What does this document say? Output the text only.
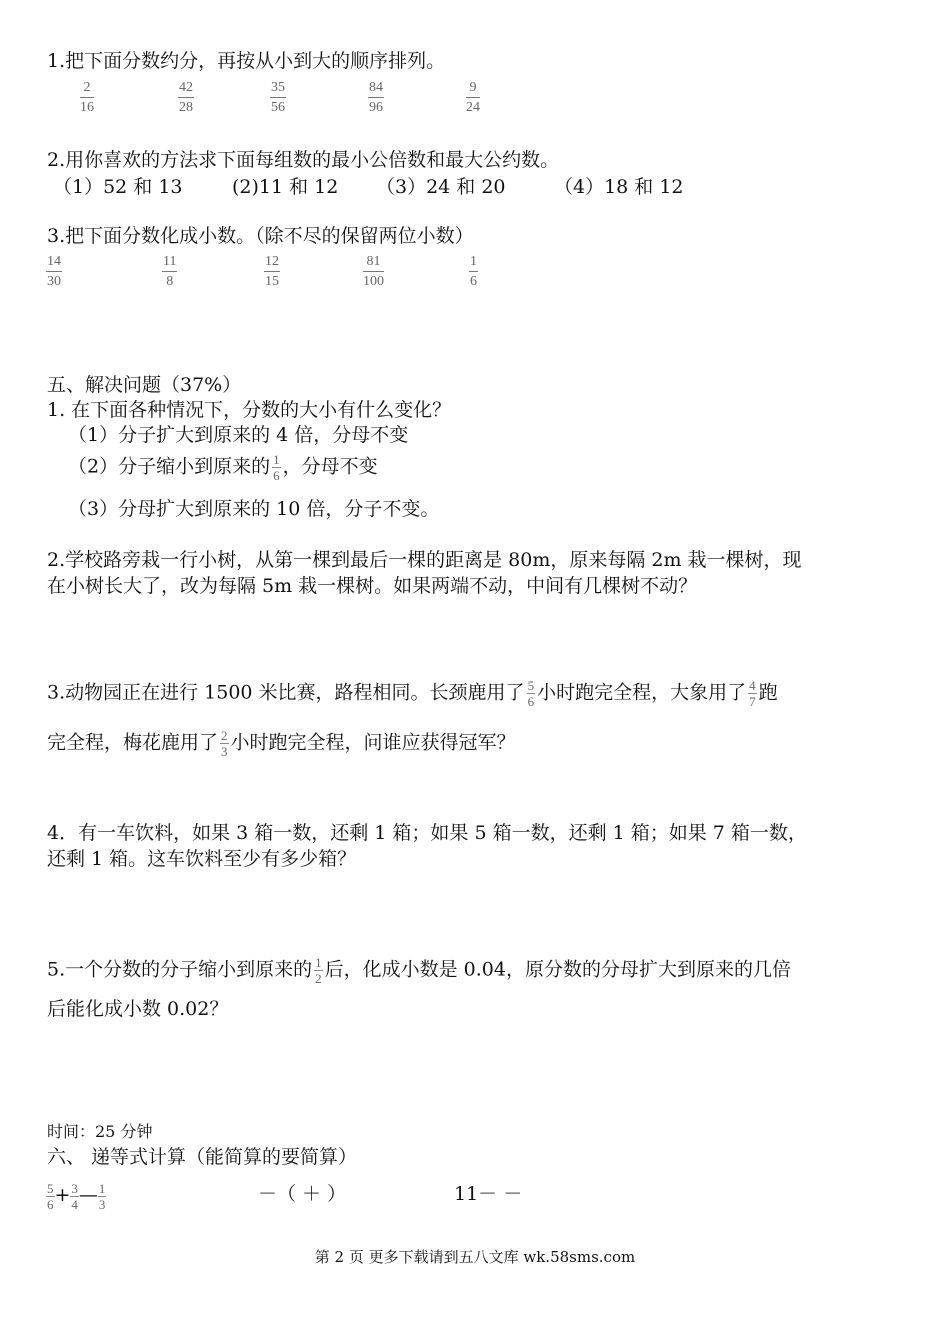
1.把下面分数约分，再按从小到大的顺序排列。
$\frac{2}{16}$	$\frac{42}{28}$	$\frac{35}{56}$	$\frac{84}{96}$	$\frac{9}{24}$
2.用你喜欢的方法求下面每组数的最小公倍数和最大公约数。
（1）52 和 13	(2)11 和 12 （3）24 和 20	（4）18 和 12
3.把下面分数化成小数。（除不尽的保留两位小数）
$\frac{14}{30}$	$\frac{11}{8}$	$\frac{12}{15}$	$\frac{81}{100}$	$\frac{1}{6}$
五、解决问题（37%）
1. 在下面各种情况下，分数的大小有什么变化？
（1）分子扩大到原来的 4 倍，分母不变
（2）分子缩小到原来的 $\frac{1}{6}$ ，分母不变
（3）分母扩大到原来的 10 倍，分子不变。
2.学校路旁栽一行小树，从第一棵到最后一棵的距离是 80m，原来每隔 2m 栽一棵树，现
在小树长大了，改为每隔 5m 栽一棵树。如果两端不动，中间有几棵树不动？
3.动物园正在进行 1500 米比赛，路程相同。长颈鹿用了 $\frac{5}{6}$ 小时跑完全程，大象用了 $\frac{4}{7}$ 跑
完全程，梅花鹿用了 $\frac{2}{3}$ 小时跑完全程，问谁应获得冠军？
4．有一车饮料，如果 3 箱一数，还剩 1 箱；如果 5 箱一数，还剩 1 箱；如果 7 箱一数，
还剩 1 箱。这车饮料至少有多少箱？
5.一个分数的分子缩小到原来的 $\frac{1}{2}$ 后，化成小数是 0.04，原分数的分母扩大到原来的几倍
后能化成小数 0.02？
时间：25 分钟
六、 递等式计算（能简算的要简算）
$\frac{5}{6} + \frac{3}{4}$ — $\frac{1}{3}$	－（ ＋ ）	11－ －
第 2 页 更多下载请到五八文库 wk.58sms.com
